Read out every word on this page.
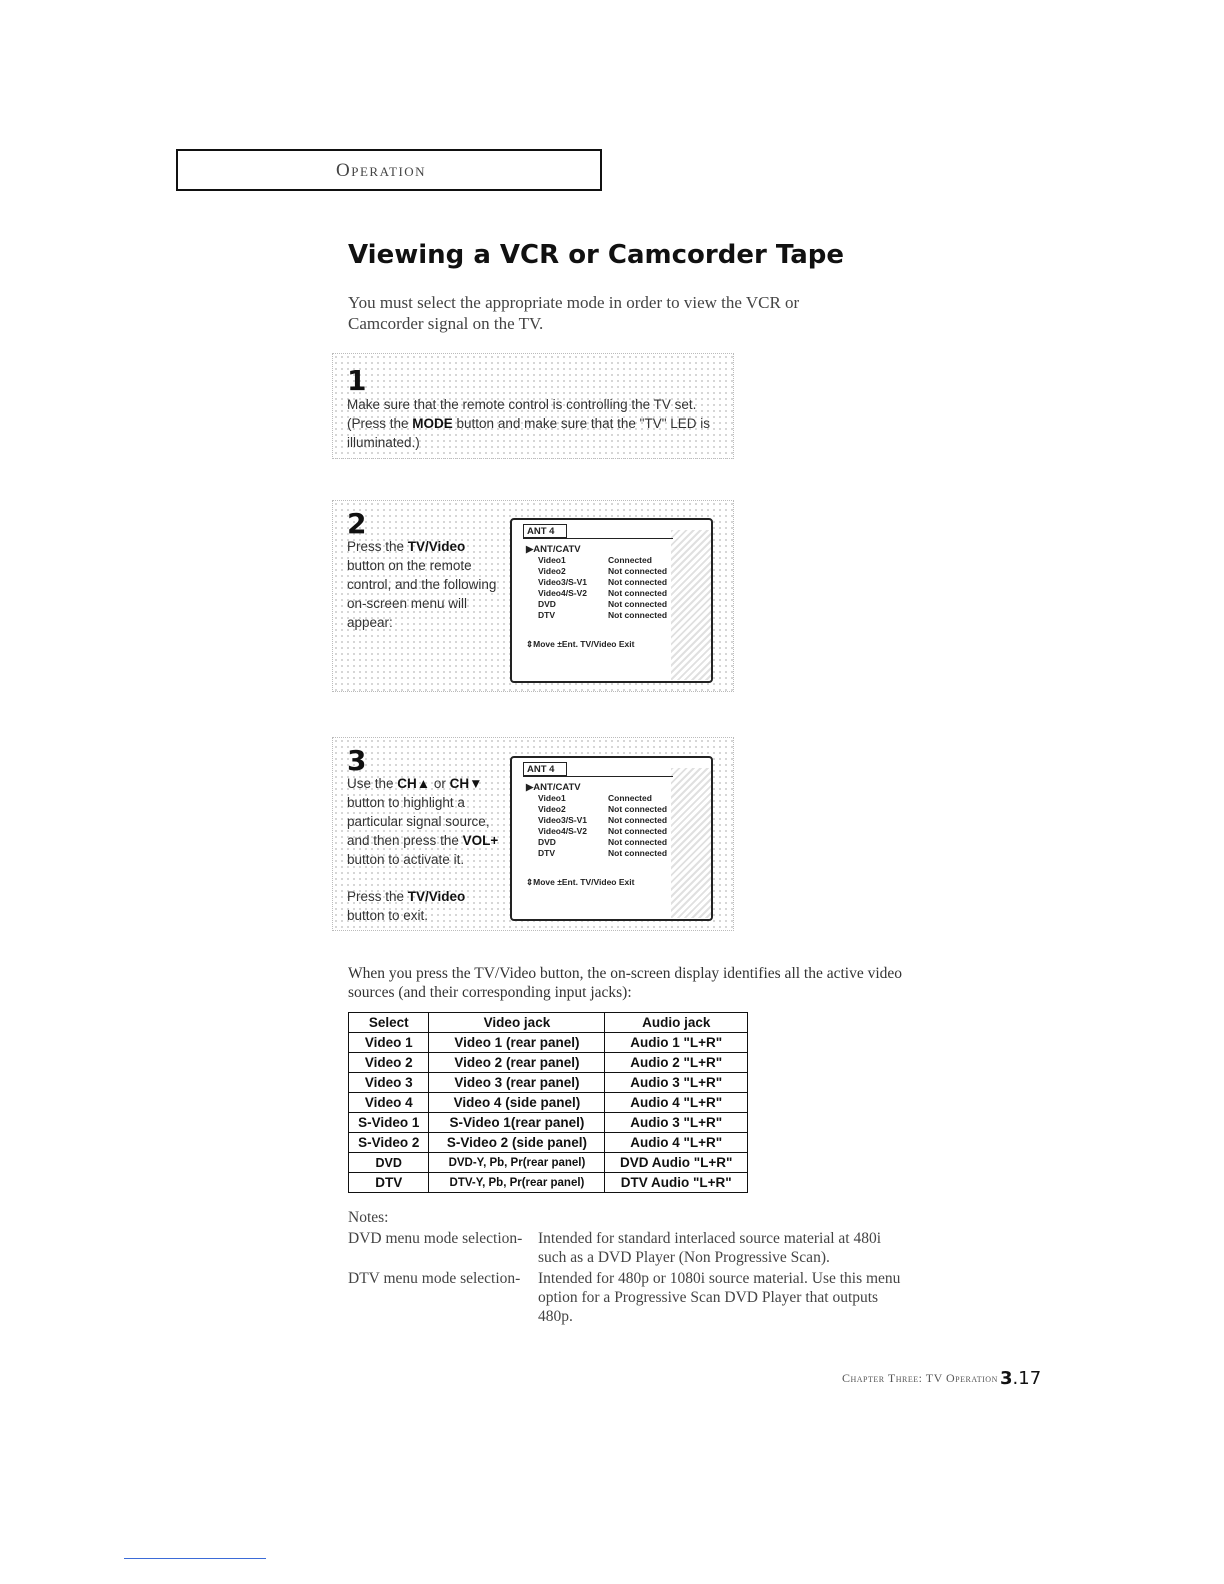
Operation
Viewing a VCR or Camcorder Tape
You must select the appropriate mode in order to view the VCR or Camcorder signal on the TV.
1
Make sure that the remote control is controlling the TV set.
(Press the MODE button and make sure that the "TV" LED is illuminated.)
2
Press the TV/Video button on the remote control, and the following on-screen menu will appear:
ANT 4
▶ANT/CATV
Video1	Connected
Video2	Not connected
Video3/S-V1	Not connected
Video4/S-V2	Not connected
DVD	Not connected
DTV	Not connected
⇕Move ±Ent. TV/Video Exit
3
Use the CH▲ or CH▼ button to highlight a particular signal source, and then press the VOL+ button to activate it.
Press the TV/Video button to exit.
ANT 4
▶ANT/CATV
Video1	Connected
Video2	Not connected
Video3/S-V1	Not connected
Video4/S-V2	Not connected
DVD	Not connected
DTV	Not connected
⇕Move ±Ent. TV/Video Exit
When you press the TV/Video button, the on-screen display identifies all the active video sources (and their corresponding input jacks):
Select	Video jack	Audio jack
Video 1	Video 1 (rear panel)	Audio 1 "L+R"
Video 2	Video 2 (rear panel)	Audio 2 "L+R"
Video 3	Video 3 (rear panel)	Audio 3 "L+R"
Video 4	Video 4 (side panel)	Audio 4 "L+R"
S-Video 1	S-Video 1(rear panel)	Audio 3 "L+R"
S-Video 2	S-Video 2 (side panel)	Audio 4 "L+R"
DVD	DVD-Y, Pb, Pr(rear panel)	DVD Audio "L+R"
DTV	DTV-Y, Pb, Pr(rear panel)	DTV Audio "L+R"
Notes:
DVD menu mode selection-	Intended for standard interlaced source material at 480i such as a DVD Player (Non Progressive Scan).
DTV menu mode selection-	Intended for 480p or 1080i source material. Use this menu option for a Progressive Scan DVD Player that outputs 480p.
Chapter Three: TV Operation 3.17
